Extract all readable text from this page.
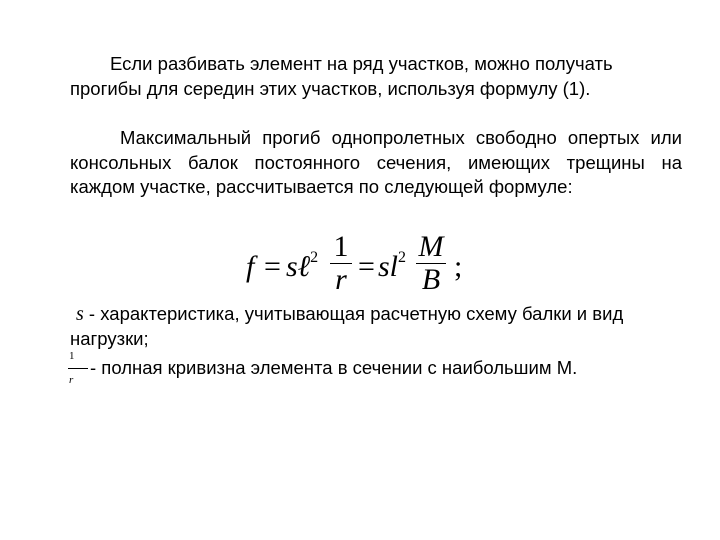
Если разбивать элемент на ряд участков, можно получать прогибы для середин этих участков, используя формулу (1).

Максимальный прогиб однопролетных свободно опертых или консольных балок постоянного сечения, имеющих трещины на каждом участке, рассчитывается по следующей формуле:

f = sℓ$^2$ 1
$r = sl^2$ M
B ;

s - характеристика, учитывающая расчетную схему балки и вид нагрузки;

1
r

- полная кривизна элемента в сечении с наибольшим М.
